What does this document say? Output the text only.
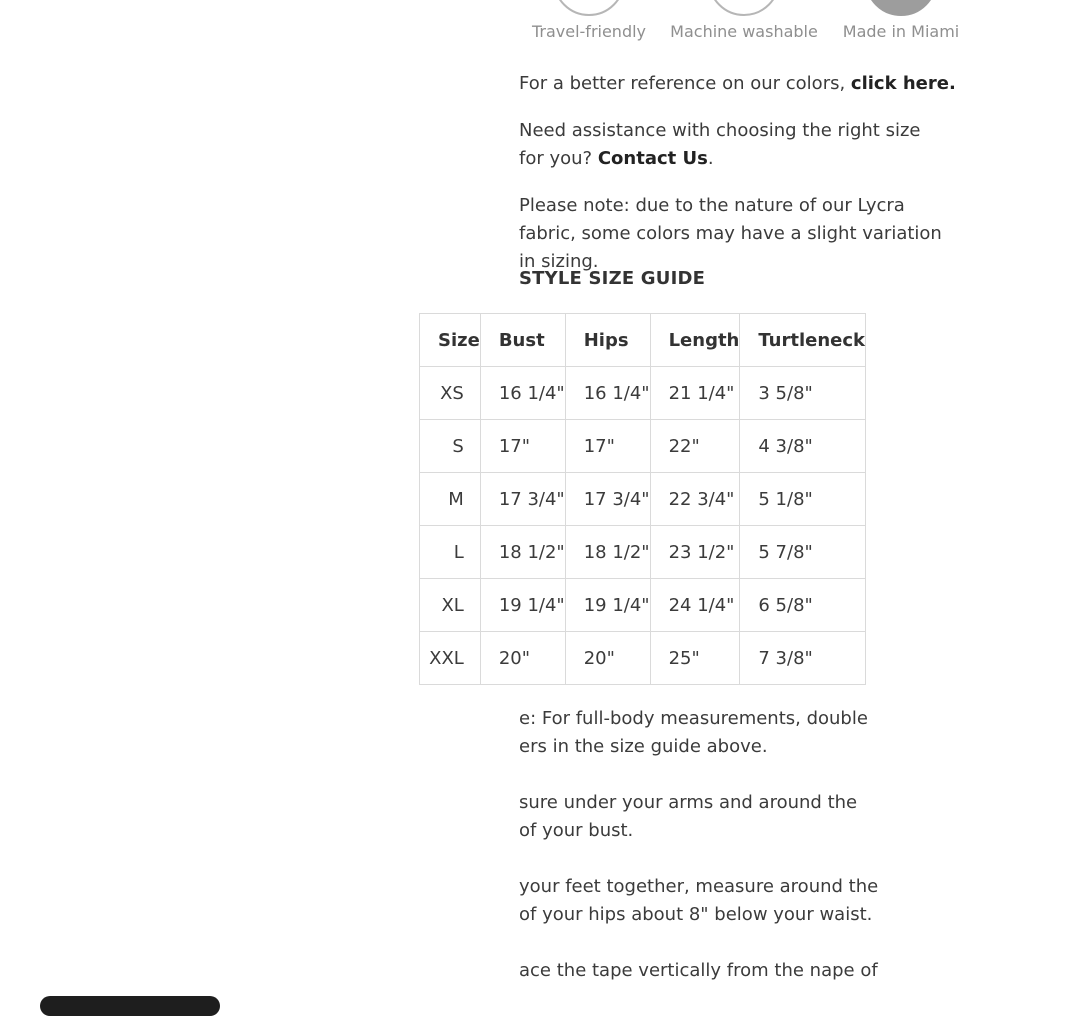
Travel-friendly	Machine washable	Made in Miami

For a better reference on our colors, click here.

Need assistance with choosing the right size for you? Contact Us.

Please note: due to the nature of our Lycra fabric, some colors may have a slight variation in sizing.

STYLE SIZE GUIDE
Size	Bust	Hips	Length	Turtleneck
XS	16 1/4"	16 1/4"	21 1/4"	3 5/8"
S	17"	17"	22"	4 3/8"
M	17 3/4"	17 3/4"	22 3/4"	5 1/8"
L	18 1/2"	18 1/2"	23 1/2"	5 7/8"
XL	19 1/4"	19 1/4"	24 1/4"	6 5/8"
XXL	20"	20"	25"	7 3/8"

e: For full-body measurements, double
ers in the size guide above.

sure under your arms and around the
of your bust.

your feet together, measure around the
of your hips about 8" below your waist.

ace the tape vertically from the nape of
